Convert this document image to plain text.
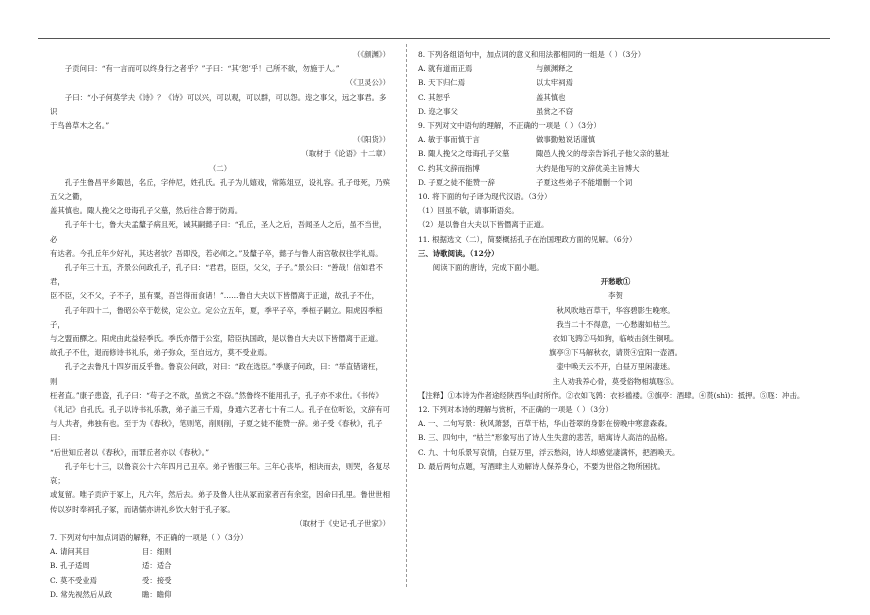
（《颜渊》）

子贡问曰：“有一言而可以终身行之者乎？”子曰：“其‘恕’乎！己所不欲，勿施于人。”

（《卫灵公》）

子曰：“小子何莫学夫《诗》？《诗》可以兴，可以观，可以群，可以怨。迩之事父，远之事君。多识

于鸟兽草木之名。”

（《阳货》）

（取材于《论语》十二章）

（二）

孔子生鲁昌平乡陬邑，名丘，字仲尼，姓孔氏。孔子为儿嬉戏，常陈俎豆，设礼容。孔子母死，乃殡五父之衢，

盖其慎也。陬人挽父之母诲孔子父墓，然后往合葬于防焉。

孔子年十七，鲁大夫孟釐子病且死，诫其嗣懿子曰：“孔丘，圣人之后，吾闻圣人之后，虽不当世，必

有达者。今孔丘年少好礼，其达者欤？吾即没，若必师之。”及釐子卒，懿子与鲁人南宫敬叔往学礼焉。

孔子年三十五，齐景公问政孔子，孔子曰：“君君，臣臣，父父，子子。”景公曰：“善哉！信如君不君，

臣不臣，父不父，子不子，虽有粟，吾岂得而食诸！”……鲁自大夫以下皆僭离于正道，故孔子不仕，

孔子年四十二，鲁昭公卒于乾侯，定公立。定公立五年，夏，季平子卒，季桓子嗣立。阳虎囚季桓子，

与之盟而醳之。阳虎由此益轻季氏。季氏亦僭于公室，陪臣执国政，是以鲁自大夫以下皆僭离于正道。

故孔子不仕，退而修诗书礼乐，弟子弥众，至自远方，莫不受业焉。

孔子之去鲁凡十四岁而反乎鲁。鲁哀公问政，对曰：“政在选臣。”季康子问政，曰：“举直错诸枉，则

枉者直。”康子患盗，孔子曰：“苟子之不欲，虽赏之不窃。”然鲁终不能用孔子，孔子亦不求仕。《书传》

《礼记》自孔氏。孔子以诗书礼乐教，弟子盖三千焉，身通六艺者七十有二人。孔子在位听讼，文辞有可

与人共者，弗独有也。至于为《春秋》，笔则笔，削则削，子夏之徒不能赞一辞。弟子受《春秋》，孔子曰：

“后世知丘者以《春秋》，而罪丘者亦以《春秋》。”

孔子年七十三，以鲁哀公十六年四月己丑卒。弟子皆服三年。三年心丧毕，相诀而去，则哭，各复尽哀；

或复留。唯子贡庐于冢上，凡六年，然后去。弟子及鲁人往从冢而家者百有余室，因命曰孔里。鲁世世相

传以岁时奉祠孔子冢，而诸儒亦讲礼乡饮大射于孔子冢。

（取材于《史记·孔子世家》）

7. 下列对句中加点词语的解释，不正确的一项是（ ）（3分）

A. 请问其目	目：细则
B. 孔子适周	适：适合
C. 莫不受业焉	受：接受
D. 常先视然后从政	瞻：瞻仰

8. 下列各组语句中，加点词的意义和用法都相同的一组是（ ）（3分）

A. 就有道而正焉	与颜渊释之
B. 天下归仁焉	以太牢祠焉
C. 其恕乎	盖其慎也
D. 迩之事父	虽赏之不窃

9. 下列对文中语句的理解，不正确的一项是（ ）（3分）

A. 敏于事而慎于言	做事勤勉说话谨慎
B. 陬人挽父之母诲孔子父墓	陬邑人挽父的母亲告诉孔子他父亲的墓址
C. 约其文辞而指博	大约是他写的文辞优美主旨博大
D. 子夏之徒不能赞一辞	子夏这些弟子不能增删一个词

10. 将下面的句子译为现代汉语。（3分）

（1）回虽不敏，请事斯语矣。

（2）是以鲁自大夫以下皆僭离于正道。

11. 根据选文（二），简要概括孔子在治国理政方面的见解。（6分）

三、诗歌阅读。（12分）

阅读下面的唐诗，完成下面小题。

开愁歌①

李贺

秋风吹地百草干，华容碧影生晚寒。

我当二十不得意，一心愁谢如枯兰。

衣如飞鹑②马如狗，临岐击剑生铜吼。

旗亭③下马解秋衣，请贳④宜阳一壶酒。

壶中唤天云不开，白昼万里闲凄迷。

主人劝我养心骨，莫受俗物相填豗⑤。

【注释】①本诗为作者途经陕西华山时所作。②衣如飞鹑：衣衫褴褛。③旗亭：酒肆。④贳(shì)：抵押。⑤豗：冲击。

12. 下列对本诗的理解与赏析，不正确的一项是（ ）（3分）

A. 一、二句写景：秋风萧瑟，百草干枯，华山苍翠的身影在傍晚中寒意森森。

B. 三、四句中，“枯兰”形象写出了诗人生失意的悲苦，暗寓诗人高洁的品格。

C. 九、十句乐景写哀情，白昼万里，浮云愁闷，诗人却感觉凄满怀，把酒唤天。

D. 最后两句点题，写酒肆主人劝解诗人保养身心，不要为世俗之物所困扰。
